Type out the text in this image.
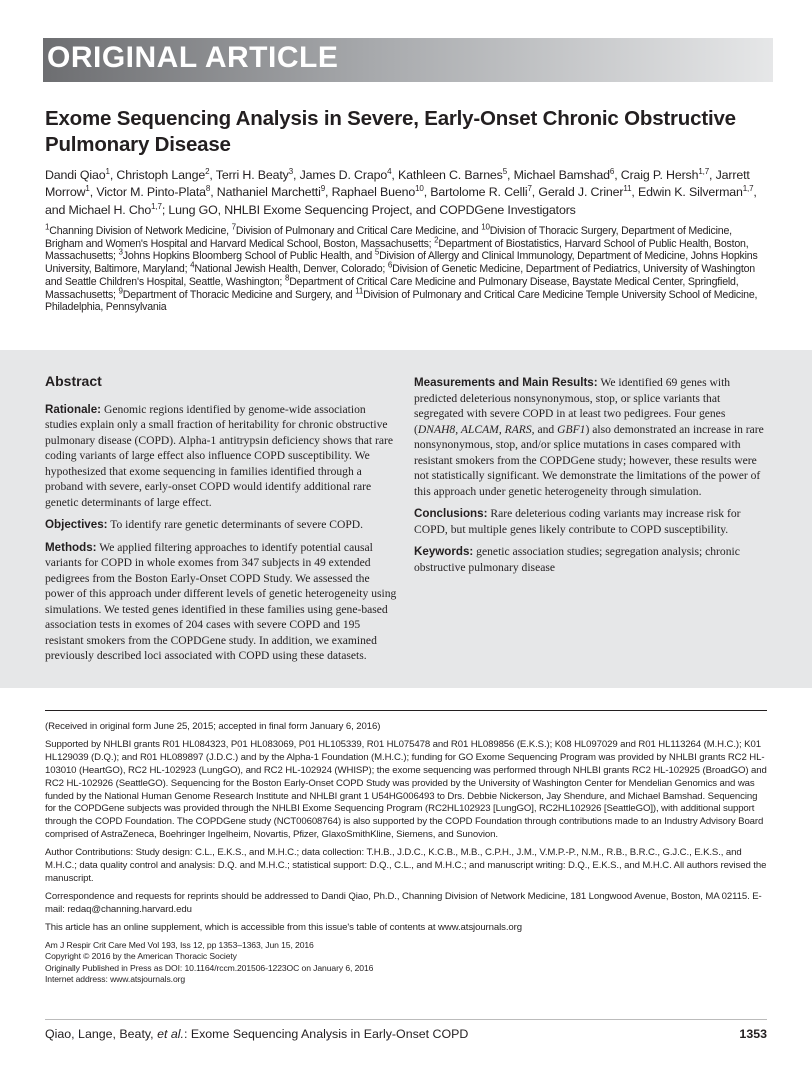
ORIGINAL ARTICLE
Exome Sequencing Analysis in Severe, Early-Onset Chronic Obstructive Pulmonary Disease
Dandi Qiao$^1$, Christoph Lange$^2$, Terri H. Beaty$^3$, James D. Crapo$^4$, Kathleen C. Barnes$^5$, Michael Bamshad$^6$, Craig P. Hersh$^{1,7}$, Jarrett Morrow$^1$, Victor M. Pinto-Plata$^8$, Nathaniel Marchetti$^9$, Raphael Bueno$^{10}$, Bartolome R. Celli$^7$, Gerald J. Criner$^{11}$, Edwin K. Silverman$^{1,7}$, and Michael H. Cho$^{1,7}$; Lung GO, NHLBI Exome Sequencing Project, and COPDGene Investigators
$^1$Channing Division of Network Medicine, $^7$Division of Pulmonary and Critical Care Medicine, and $^{10}$Division of Thoracic Surgery, Department of Medicine, Brigham and Women's Hospital and Harvard Medical School, Boston, Massachusetts; $^2$Department of Biostatistics, Harvard School of Public Health, Boston, Massachusetts; $^3$Johns Hopkins Bloomberg School of Public Health, and $^5$Division of Allergy and Clinical Immunology, Department of Medicine, Johns Hopkins University, Baltimore, Maryland; $^4$National Jewish Health, Denver, Colorado; $^6$Division of Genetic Medicine, Department of Pediatrics, University of Washington and Seattle Children's Hospital, Seattle, Washington; $^8$Department of Critical Care Medicine and Pulmonary Disease, Baystate Medical Center, Springfield, Massachusetts; $^9$Department of Thoracic Medicine and Surgery, and $^{11}$Division of Pulmonary and Critical Care Medicine Temple University School of Medicine, Philadelphia, Pennsylvania
Abstract

Rationale: Genomic regions identified by genome-wide association studies explain only a small fraction of heritability for chronic obstructive pulmonary disease (COPD). Alpha-1 antitrypsin deficiency shows that rare coding variants of large effect also influence COPD susceptibility. We hypothesized that exome sequencing in families identified through a proband with severe, early-onset COPD would identify additional rare genetic determinants of large effect.

Objectives: To identify rare genetic determinants of severe COPD.

Methods: We applied filtering approaches to identify potential causal variants for COPD in whole exomes from 347 subjects in 49 extended pedigrees from the Boston Early-Onset COPD Study. We assessed the power of this approach under different levels of genetic heterogeneity using simulations. We tested genes identified in these families using gene-based association tests in exomes of 204 cases with severe COPD and 195 resistant smokers from the COPDGene study. In addition, we examined previously described loci associated with COPD using these datasets.

Measurements and Main Results: We identified 69 genes with predicted deleterious nonsynonymous, stop, or splice variants that segregated with severe COPD in at least two pedigrees. Four genes (DNAH8, ALCAM, RARS, and GBF1) also demonstrated an increase in rare nonsynonymous, stop, and/or splice mutations in cases compared with resistant smokers from the COPDGene study; however, these results were not statistically significant. We demonstrate the limitations of the power of this approach under genetic heterogeneity through simulation.

Conclusions: Rare deleterious coding variants may increase risk for COPD, but multiple genes likely contribute to COPD susceptibility.

Keywords: genetic association studies; segregation analysis; chronic obstructive pulmonary disease

(Received in original form June 25, 2015; accepted in final form January 6, 2016)

Supported by NHLBI grants R01 HL084323, P01 HL083069, P01 HL105339, R01 HL075478 and R01 HL089856 (E.K.S.); K08 HL097029 and R01 HL113264 (M.H.C.); K01 HL129039 (D.Q.); and R01 HL089897 (J.D.C.) and by the Alpha-1 Foundation (M.H.C.); funding for GO Exome Sequencing Program was provided by NHLBI grants RC2 HL-103010 (HeartGO), RC2 HL-102923 (LungGO), and RC2 HL-102924 (WHISP); the exome sequencing was performed through NHLBI grants RC2 HL-102925 (BroadGO) and RC2 HL-102926 (SeattleGO). Sequencing for the Boston Early-Onset COPD Study was provided by the University of Washington Center for Mendelian Genomics and was funded by the National Human Genome Research Institute and NHLBI grant 1 U54HG006493 to Drs. Debbie Nickerson, Jay Shendure, and Michael Bamshad. Sequencing for the COPDGene subjects was provided through the NHLBI Exome Sequencing Program (RC2HL102923 [LungGO], RC2HL102926 [SeattleGO]), with additional support through the COPD Foundation. The COPDGene study (NCT00608764) is also supported by the COPD Foundation through contributions made to an Industry Advisory Board comprised of AstraZeneca, Boehringer Ingelheim, Novartis, Pfizer, GlaxoSmithKline, Siemens, and Sunovion.

Author Contributions: Study design: C.L., E.K.S., and M.H.C.; data collection: T.H.B., J.D.C., K.C.B., M.B., C.P.H., J.M., V.M.P.-P., N.M., R.B., B.R.C., G.J.C., E.K.S., and M.H.C.; data quality control and analysis: D.Q. and M.H.C.; statistical support: D.Q., C.L., and M.H.C.; and manuscript writing: D.Q., E.K.S., and M.H.C. All authors revised the manuscript.

Correspondence and requests for reprints should be addressed to Dandi Qiao, Ph.D., Channing Division of Network Medicine, 181 Longwood Avenue, Boston, MA 02115. E-mail: redaq@channing.harvard.edu

This article has an online supplement, which is accessible from this issue's table of contents at www.atsjournals.org

Am J Respir Crit Care Med Vol 193, Iss 12, pp 1353–1363, Jun 15, 2016

Copyright © 2016 by the American Thoracic Society

Originally Published in Press as DOI: 10.1164/rccm.201506-1223OC on January 6, 2016

Internet address: www.atsjournals.org

Qiao, Lange, Beaty, et al.: Exome Sequencing Analysis in Early-Onset COPD	1353
